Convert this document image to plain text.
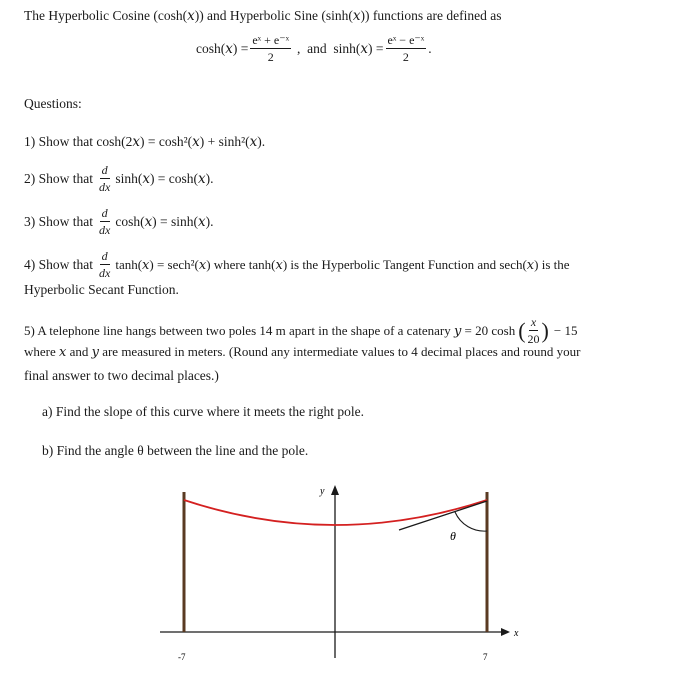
The Hyperbolic Cosine (cosh(𝑥)) and Hyperbolic Sine (sinh(𝑥)) functions are defined as
cosh(𝑥) = $\frac{\text{eˣ + e⁻ˣ}}{2}$ ,  and  sinh(𝑥) = $\frac{\text{eˣ − e⁻ˣ}}{2}$ .
Questions:
1) Show that cosh(2𝑥) = cosh²(𝑥) + sinh²(𝑥).
2) Show that $\frac{d}{dx}$ sinh(𝑥) = cosh(𝑥).
3) Show that $\frac{d}{dx}$ cosh(𝑥) = sinh(𝑥).
4) Show that $\frac{d}{dx}$ tanh(𝑥) = sech²(𝑥) where tanh(𝑥) is the Hyperbolic Tangent Function and sech(𝑥) is the
Hyperbolic Secant Function.
5) A telephone line hangs between two poles 14 m apart in the shape of a catenary 𝑦 = 20 cosh ( $\frac{x}{20}$ ) − 15
where 𝑥 and 𝑦 are measured in meters. (Round any intermediate values to 4 decimal places and round your
final answer to two decimal places.)
a) Find the slope of this curve where it meets the right pole.
b) Find the angle θ between the line and the pole.
y
x
θ
-7	7
